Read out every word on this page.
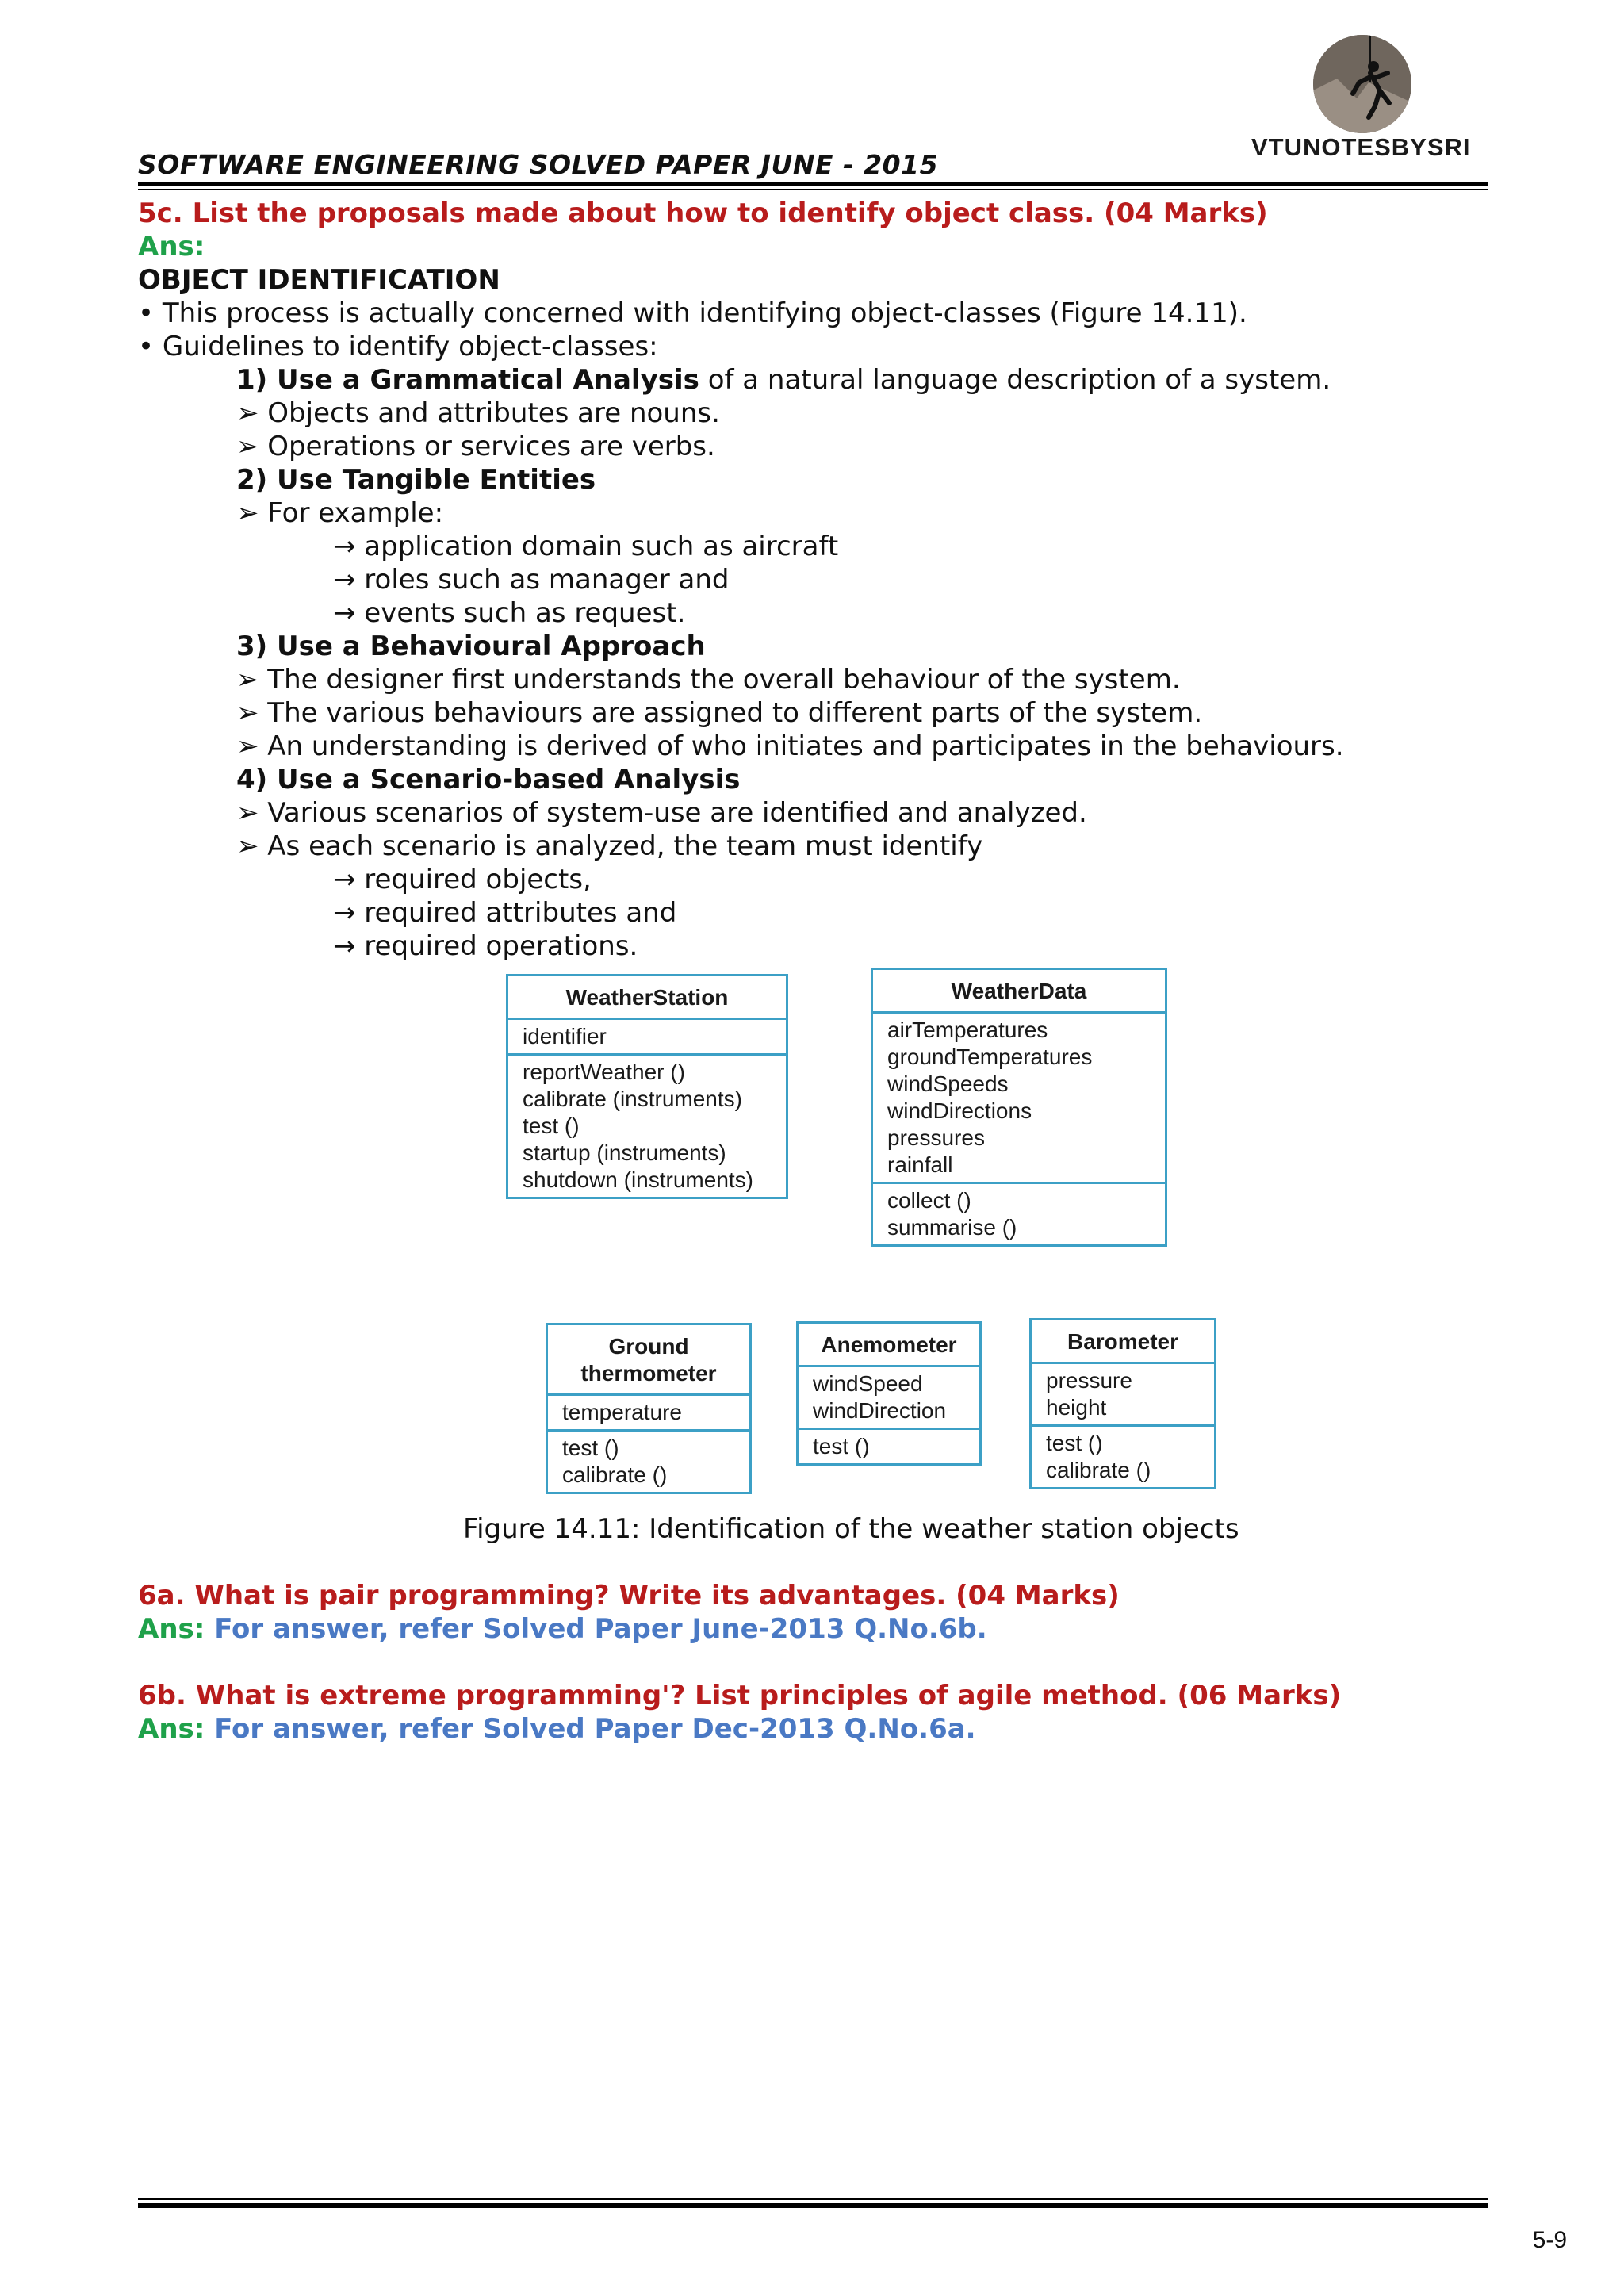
VTUNOTESBYSRI
SOFTWARE ENGINEERING SOLVED PAPER JUNE - 2015
5c. List the proposals made about how to identify object class. (04 Marks)
Ans:
OBJECT IDENTIFICATION
• This process is actually concerned with identifying object-classes (Figure 14.11).
• Guidelines to identify object-classes:
1) Use a Grammatical Analysis of a natural language description of a system.
➢ Objects and attributes are nouns.
➢ Operations or services are verbs.
2) Use Tangible Entities
➢ For example:
→ application domain such as aircraft
→ roles such as manager and
→ events such as request.
3) Use a Behavioural Approach
➢ The designer first understands the overall behaviour of the system.
➢ The various behaviours are assigned to different parts of the system.
➢ An understanding is derived of who initiates and participates in the behaviours.
4) Use a Scenario-based Analysis
➢ Various scenarios of system-use are identified and analyzed.
➢ As each scenario is analyzed, the team must identify
→ required objects,
→ required attributes and
→ required operations.
WeatherStation
identifier
reportWeather ()
calibrate (instruments)
test ()
startup (instruments)
shutdown (instruments)
WeatherData
airTemperatures
groundTemperatures
windSpeeds
windDirections
pressures
rainfall
collect ()
summarise ()
Ground
thermometer
temperature
test ()
calibrate ()
Anemometer
windSpeed
windDirection
test ()
Barometer
pressure
height
test ()
calibrate ()
Figure 14.11: Identification of the weather station objects
6a. What is pair programming? Write its advantages. (04 Marks)
Ans: For answer, refer Solved Paper June-2013 Q.No.6b.
6b. What is extreme programming'? List principles of agile method. (06 Marks)
Ans: For answer, refer Solved Paper Dec-2013 Q.No.6a.
5-9
